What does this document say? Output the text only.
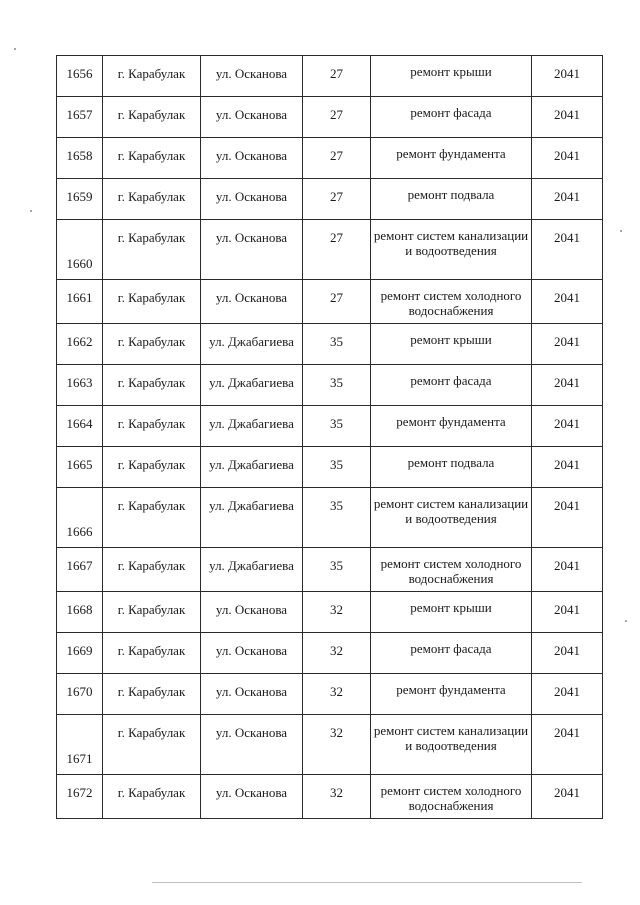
1656	г. Карабулак	ул. Осканова	27	ремонт крыши	2041
1657	г. Карабулак	ул. Осканова	27	ремонт фасада	2041
1658	г. Карабулак	ул. Осканова	27	ремонт фундамента	2041
1659	г. Карабулак	ул. Осканова	27	ремонт подвала	2041
1660	г. Карабулак	ул. Осканова	27	ремонт систем канализации и водоотведения	2041
1661	г. Карабулак	ул. Осканова	27	ремонт систем холодного водоснабжения	2041
1662	г. Карабулак	ул. Джабагиева	35	ремонт крыши	2041
1663	г. Карабулак	ул. Джабагиева	35	ремонт фасада	2041
1664	г. Карабулак	ул. Джабагиева	35	ремонт фундамента	2041
1665	г. Карабулак	ул. Джабагиева	35	ремонт подвала	2041
1666	г. Карабулак	ул. Джабагиева	35	ремонт систем канализации и водоотведения	2041
1667	г. Карабулак	ул. Джабагиева	35	ремонт систем холодного водоснабжения	2041
1668	г. Карабулак	ул. Осканова	32	ремонт крыши	2041
1669	г. Карабулак	ул. Осканова	32	ремонт фасада	2041
1670	г. Карабулак	ул. Осканова	32	ремонт фундамента	2041
1671	г. Карабулак	ул. Осканова	32	ремонт систем канализации и водоотведения	2041
1672	г. Карабулак	ул. Осканова	32	ремонт систем холодного водоснабжения	2041
